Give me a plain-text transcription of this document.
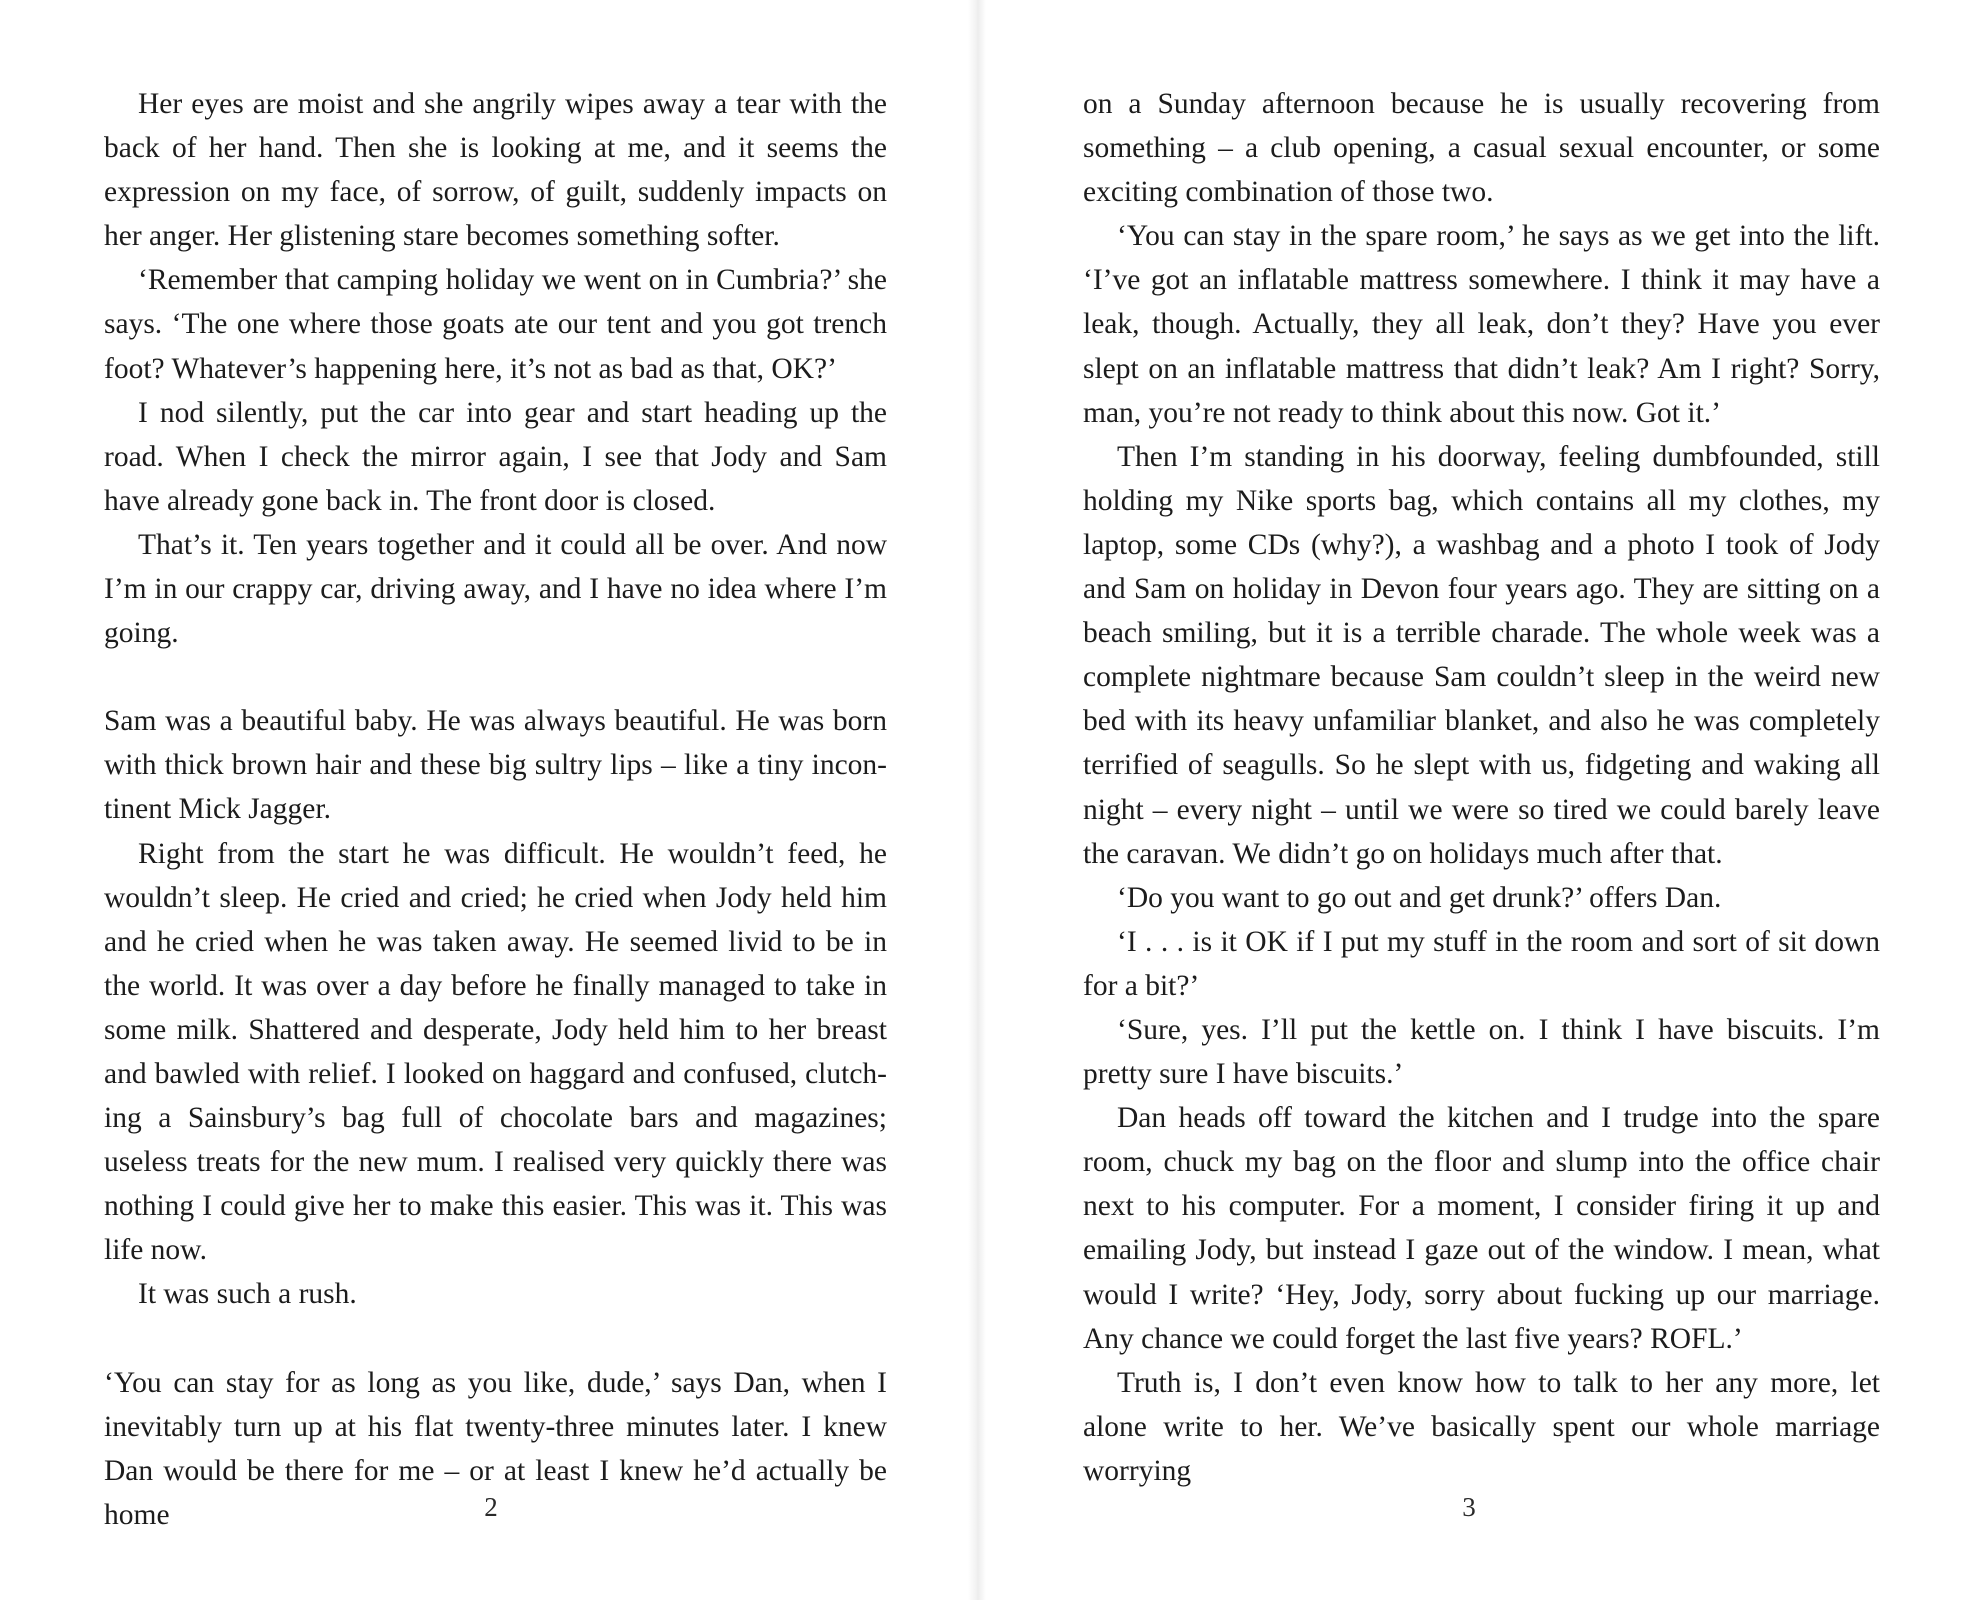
Her eyes are moist and she angrily wipes away a tear with the back of her hand. Then she is looking at me, and it seems the expression on my face, of sorrow, of guilt, suddenly impacts on her anger. Her glistening stare becomes something softer.

‘Remember that camping holiday we went on in Cumbria?’ she says. ‘The one where those goats ate our tent and you got trench foot? Whatever’s happening here, it’s not as bad as that, OK?’

I nod silently, put the car into gear and start heading up the road. When I check the mirror again, I see that Jody and Sam have already gone back in. The front door is closed.

That’s it. Ten years together and it could all be over. And now I’m in our crappy car, driving away, and I have no idea where I’m going.

Sam was a beautiful baby. He was always beautiful. He was born with thick brown hair and these big sultry lips – like a tiny incontinent Mick Jagger.

Right from the start he was difficult. He wouldn’t feed, he wouldn’t sleep. He cried and cried; he cried when Jody held him and he cried when he was taken away. He seemed livid to be in the world. It was over a day before he finally managed to take in some milk. Shattered and desperate, Jody held him to her breast and bawled with relief. I looked on haggard and confused, clutching a Sainsbury’s bag full of chocolate bars and magazines; useless treats for the new mum. I realised very quickly there was nothing I could give her to make this easier. This was it. This was life now.

It was such a rush.

‘You can stay for as long as you like, dude,’ says Dan, when I inevitably turn up at his flat twenty-three minutes later. I knew Dan would be there for me – or at least I knew he’d actually be home	2

on a Sunday afternoon because he is usually recovering from something – a club opening, a casual sexual encounter, or some exciting combination of those two.

‘You can stay in the spare room,’ he says as we get into the lift. ‘I’ve got an inflatable mattress somewhere. I think it may have a leak, though. Actually, they all leak, don’t they? Have you ever slept on an inflatable mattress that didn’t leak? Am I right? Sorry, man, you’re not ready to think about this now. Got it.’

Then I’m standing in his doorway, feeling dumbfounded, still holding my Nike sports bag, which contains all my clothes, my laptop, some CDs (why?), a washbag and a photo I took of Jody and Sam on holiday in Devon four years ago. They are sitting on a beach smiling, but it is a terrible charade. The whole week was a complete nightmare because Sam couldn’t sleep in the weird new bed with its heavy unfamiliar blanket, and also he was completely terrified of seagulls. So he slept with us, fidgeting and waking all night – every night – until we were so tired we could barely leave the caravan. We didn’t go on holidays much after that.

‘Do you want to go out and get drunk?’ offers Dan.

‘I . . . is it OK if I put my stuff in the room and sort of sit down for a bit?’

‘Sure, yes. I’ll put the kettle on. I think I have biscuits. I’m pretty sure I have biscuits.’

Dan heads off toward the kitchen and I trudge into the spare room, chuck my bag on the floor and slump into the office chair next to his computer. For a moment, I consider firing it up and emailing Jody, but instead I gaze out of the window. I mean, what would I write? ‘Hey, Jody, sorry about fucking up our marriage. Any chance we could forget the last five years? ROFL.’

Truth is, I don’t even know how to talk to her any more, let alone write to her. We’ve basically spent our whole marriage worrying

3
